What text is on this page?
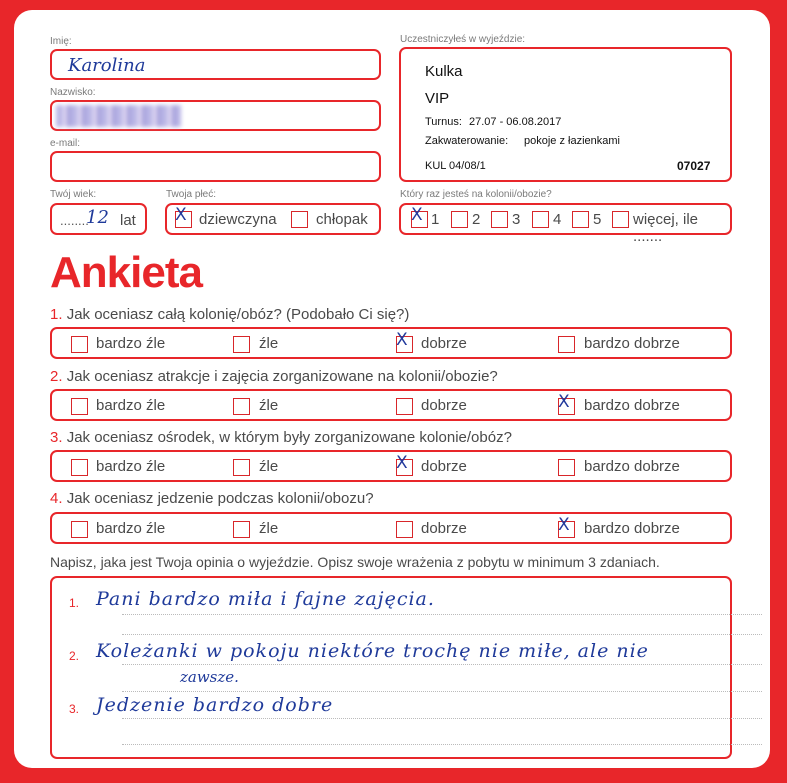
Imię:
Karolina
Nazwisko:
e-mail:
Twój wiek:
........
12 lat
Twoja płeć:
X dziewczyna	chłopak
Uczestniczyłeś w wyjeździe:
Kulka
VIP
Turnus: 27.07 - 06.08.2017
Zakwaterowanie: pokoje z łazienkami
KUL 04/08/1	07027
Który raz jesteś na kolonii/obozie?
X 1 2 3 4 5 więcej, ile .......
Ankieta
1. Jak oceniasz całą kolonię/obóz? (Podobało Ci się?)
bardzo źle	źle	X dobrze	bardzo dobrze
2. Jak oceniasz atrakcje i zajęcia zorganizowane na kolonii/obozie?
bardzo źle	źle	dobrze	X bardzo dobrze
3. Jak oceniasz ośrodek, w którym były zorganizowane kolonie/obóz?
bardzo źle	źle	X dobrze	bardzo dobrze
4. Jak oceniasz jedzenie podczas kolonii/obozu?
bardzo źle	źle	dobrze	X bardzo dobrze
Napisz, jaka jest Twoja opinia o wyjeździe. Opisz swoje wrażenia z pobytu w minimum 3 zdaniach.
1. Pani bardzo miła i fajne zajęcia.
2. Koleżanki w pokoju niektóre trochę nie miłe, ale nie
zawsze.
3. Jedzenie bardzo dobre
